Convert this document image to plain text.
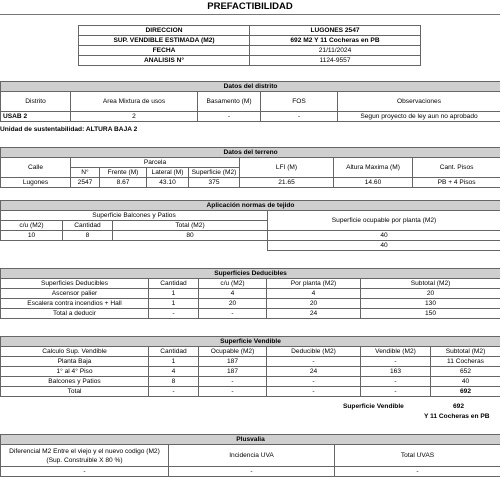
PREFACTIBILIDAD
DIRECCION	LUGONES 2547
SUP. VENDIBLE ESTIMADA (M2)	692 M2 Y 11 Cocheras en PB
FECHA	21/11/2024
ANALISIS N°	1124-9557
Datos del distrito				
Distrito	Area Mixtura de usos	Basamento (M)	FOS	Observaciones
USAB 2	2	-	-	Segun proyecto de ley aun no aprobado
Unidad de sustentabilidad: ALTURA BAJA 2
Datos del terreno							
Calle	Parcela				LFI (M)	Altura Maxima (M)	Cant. Pisos
	N°	Frente (M)	Lateral (M)	Superficie (M2)			
Lugones	2547	8.67	43.10	375	21.65	14.60	PB + 4 Pisos
Aplicación normas de tejido			
Superficie Balcones y Patios			Superficie ocupable por planta (M2)
c/u (M2)	Cantidad	Total (M2)	
10	8	80	40
			40
Superficies Deducibles				
Superficies Deducibles	Cantidad	c/u (M2)	Por planta (M2)	Subtotal (M2)
Ascensor palier	1	4	4	20
Escalera contra incendios + Hall	1	20	20	130
Total a deducir	-	-	24	150
Superficie Vendible					
Calculo Sup. Vendible	Cantidad	Ocupable (M2)	Deducible (M2)	Vendible (M2)	Subtotal (M2)
Planta Baja	1	187	-	-	11 Cocheras
1° al 4° Piso	4	187	24	163	652
Balcones y Patios	8	-	-	-	40
Total	-	-	-	-	692
Superficie Vendible	692
Y 11 Cocheras en PB
Plusvalia		
Diferencial M2 Entre el viejo y el nuevo codigo (M2) (Sup. Construible X 80 %)	Incidencia UVA	Total UVAS
-	-	-
